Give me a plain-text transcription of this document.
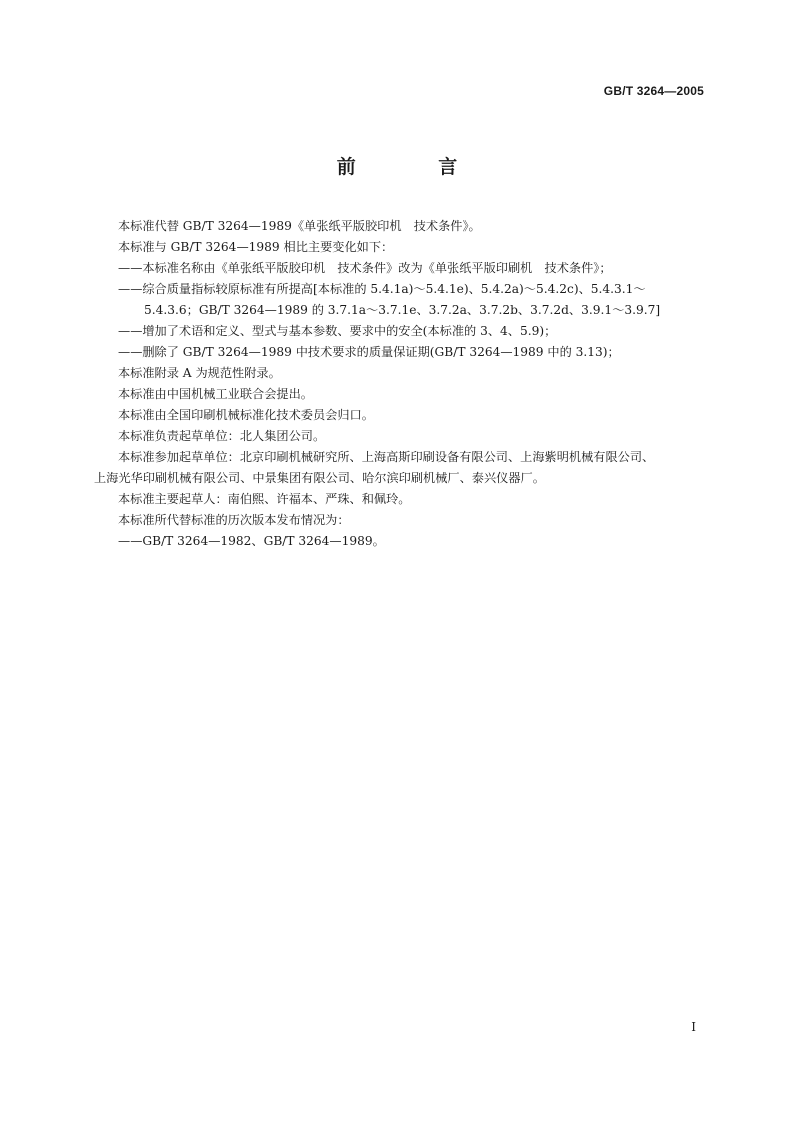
GB/T 3264—2005
前 言

本标准代替 GB/T 3264—1989《单张纸平版胶印机　技术条件》。

本标准与 GB/T 3264—1989 相比主要变化如下：

——本标准名称由《单张纸平版胶印机　技术条件》改为《单张纸平版印刷机　技术条件》；

——综合质量指标较原标准有所提高[本标准的 5.4.1a)～5.4.1e)、5.4.2a)～5.4.2c)、5.4.3.1～

5.4.3.6；GB/T 3264—1989 的 3.7.1a～3.7.1e、3.7.2a、3.7.2b、3.7.2d、3.9.1～3.9.7]

——增加了术语和定义、型式与基本参数、要求中的安全(本标准的 3、4、5.9)；

——删除了 GB/T 3264—1989 中技术要求的质量保证期(GB/T 3264—1989 中的 3.13)；

本标准附录 A 为规范性附录。

本标准由中国机械工业联合会提出。

本标准由全国印刷机械标准化技术委员会归口。

本标准负责起草单位：北人集团公司。

本标准参加起草单位：北京印刷机械研究所、上海高斯印刷设备有限公司、上海紫明机械有限公司、

上海光华印刷机械有限公司、中景集团有限公司、哈尔滨印刷机械厂、泰兴仪器厂。

本标准主要起草人：南伯熙、许福本、严珠、和佩玲。

本标准所代替标准的历次版本发布情况为：

——GB/T 3264—1982、GB/T 3264—1989。

I
